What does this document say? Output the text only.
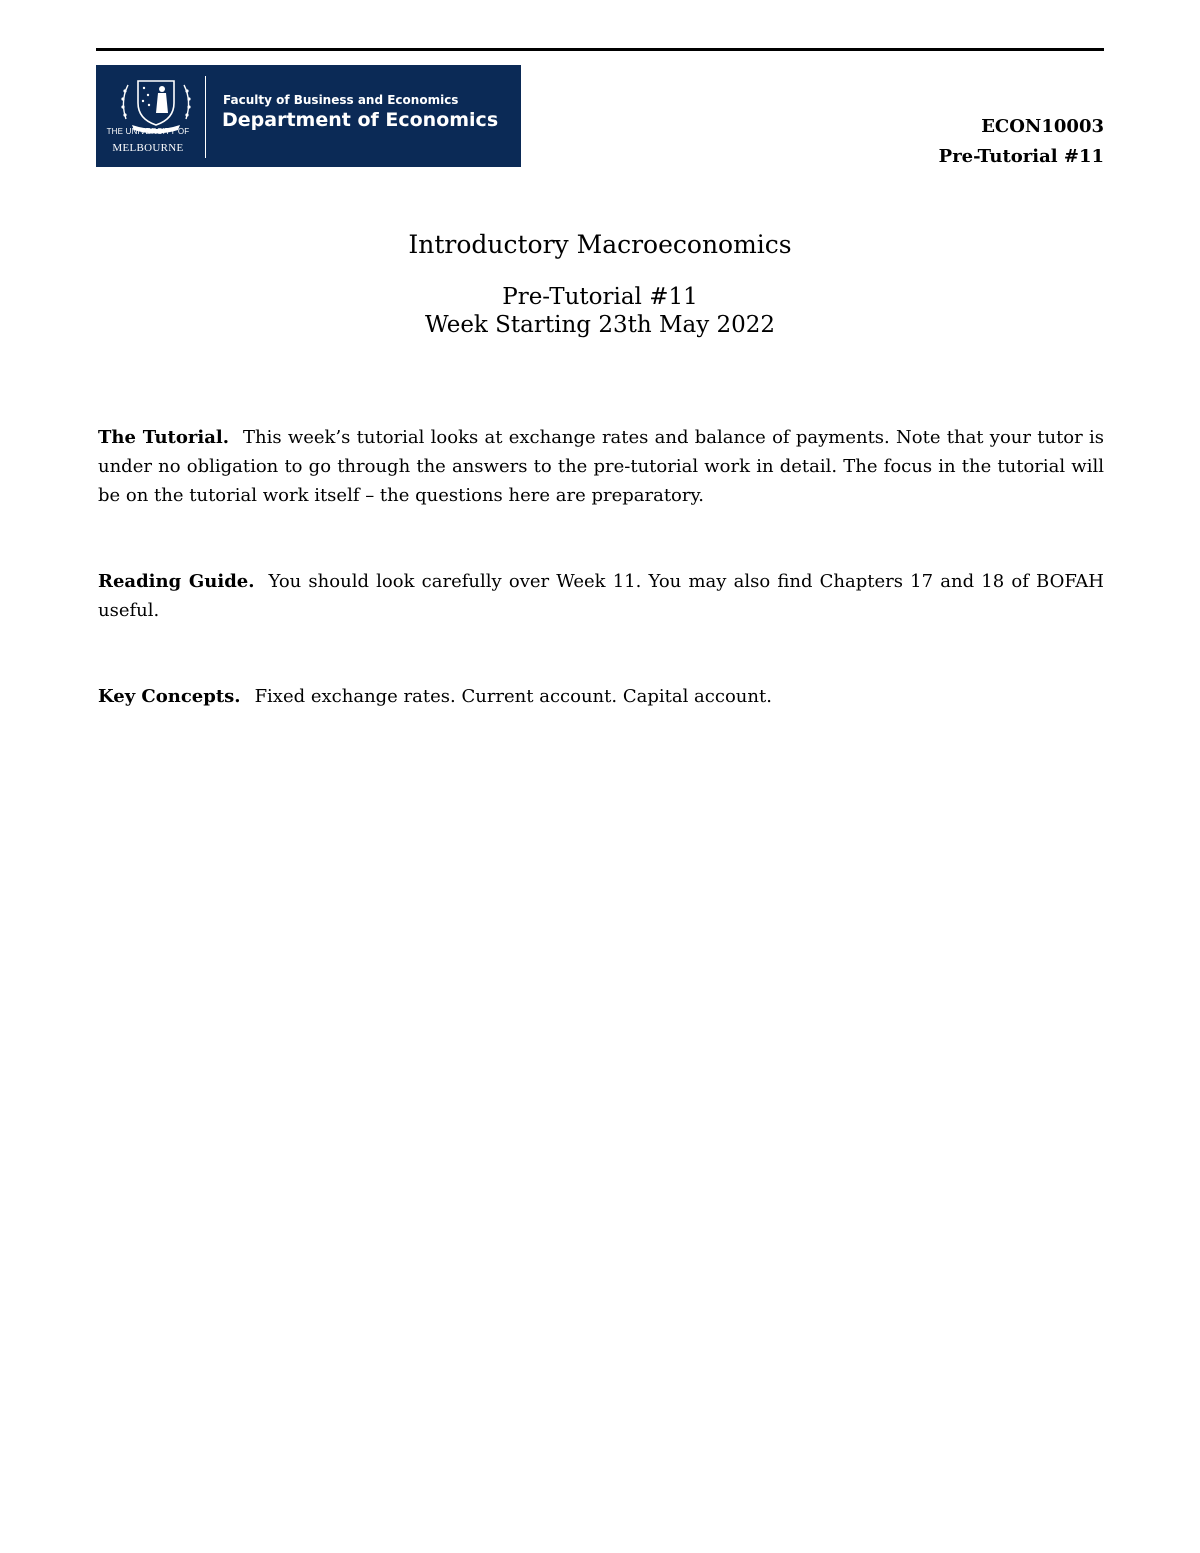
THE UNIVERSITY OF
MELBOURNE
Faculty of Business and Economics
Department of Economics	ECON10003
Pre-Tutorial #11
Introductory Macroeconomics
Pre-Tutorial #11
Week Starting 23th May 2022

The Tutorial. This week’s tutorial looks at exchange rates and balance of payments. Note that your tutor is under no obligation to go through the answers to the pre-tutorial work in detail. The focus in the tutorial will be on the tutorial work itself – the questions here are preparatory.

Reading Guide. You should look carefully over Week 11. You may also find Chapters 17 and 18 of BOFAH useful.

Key Concepts. Fixed exchange rates. Current account. Capital account.
